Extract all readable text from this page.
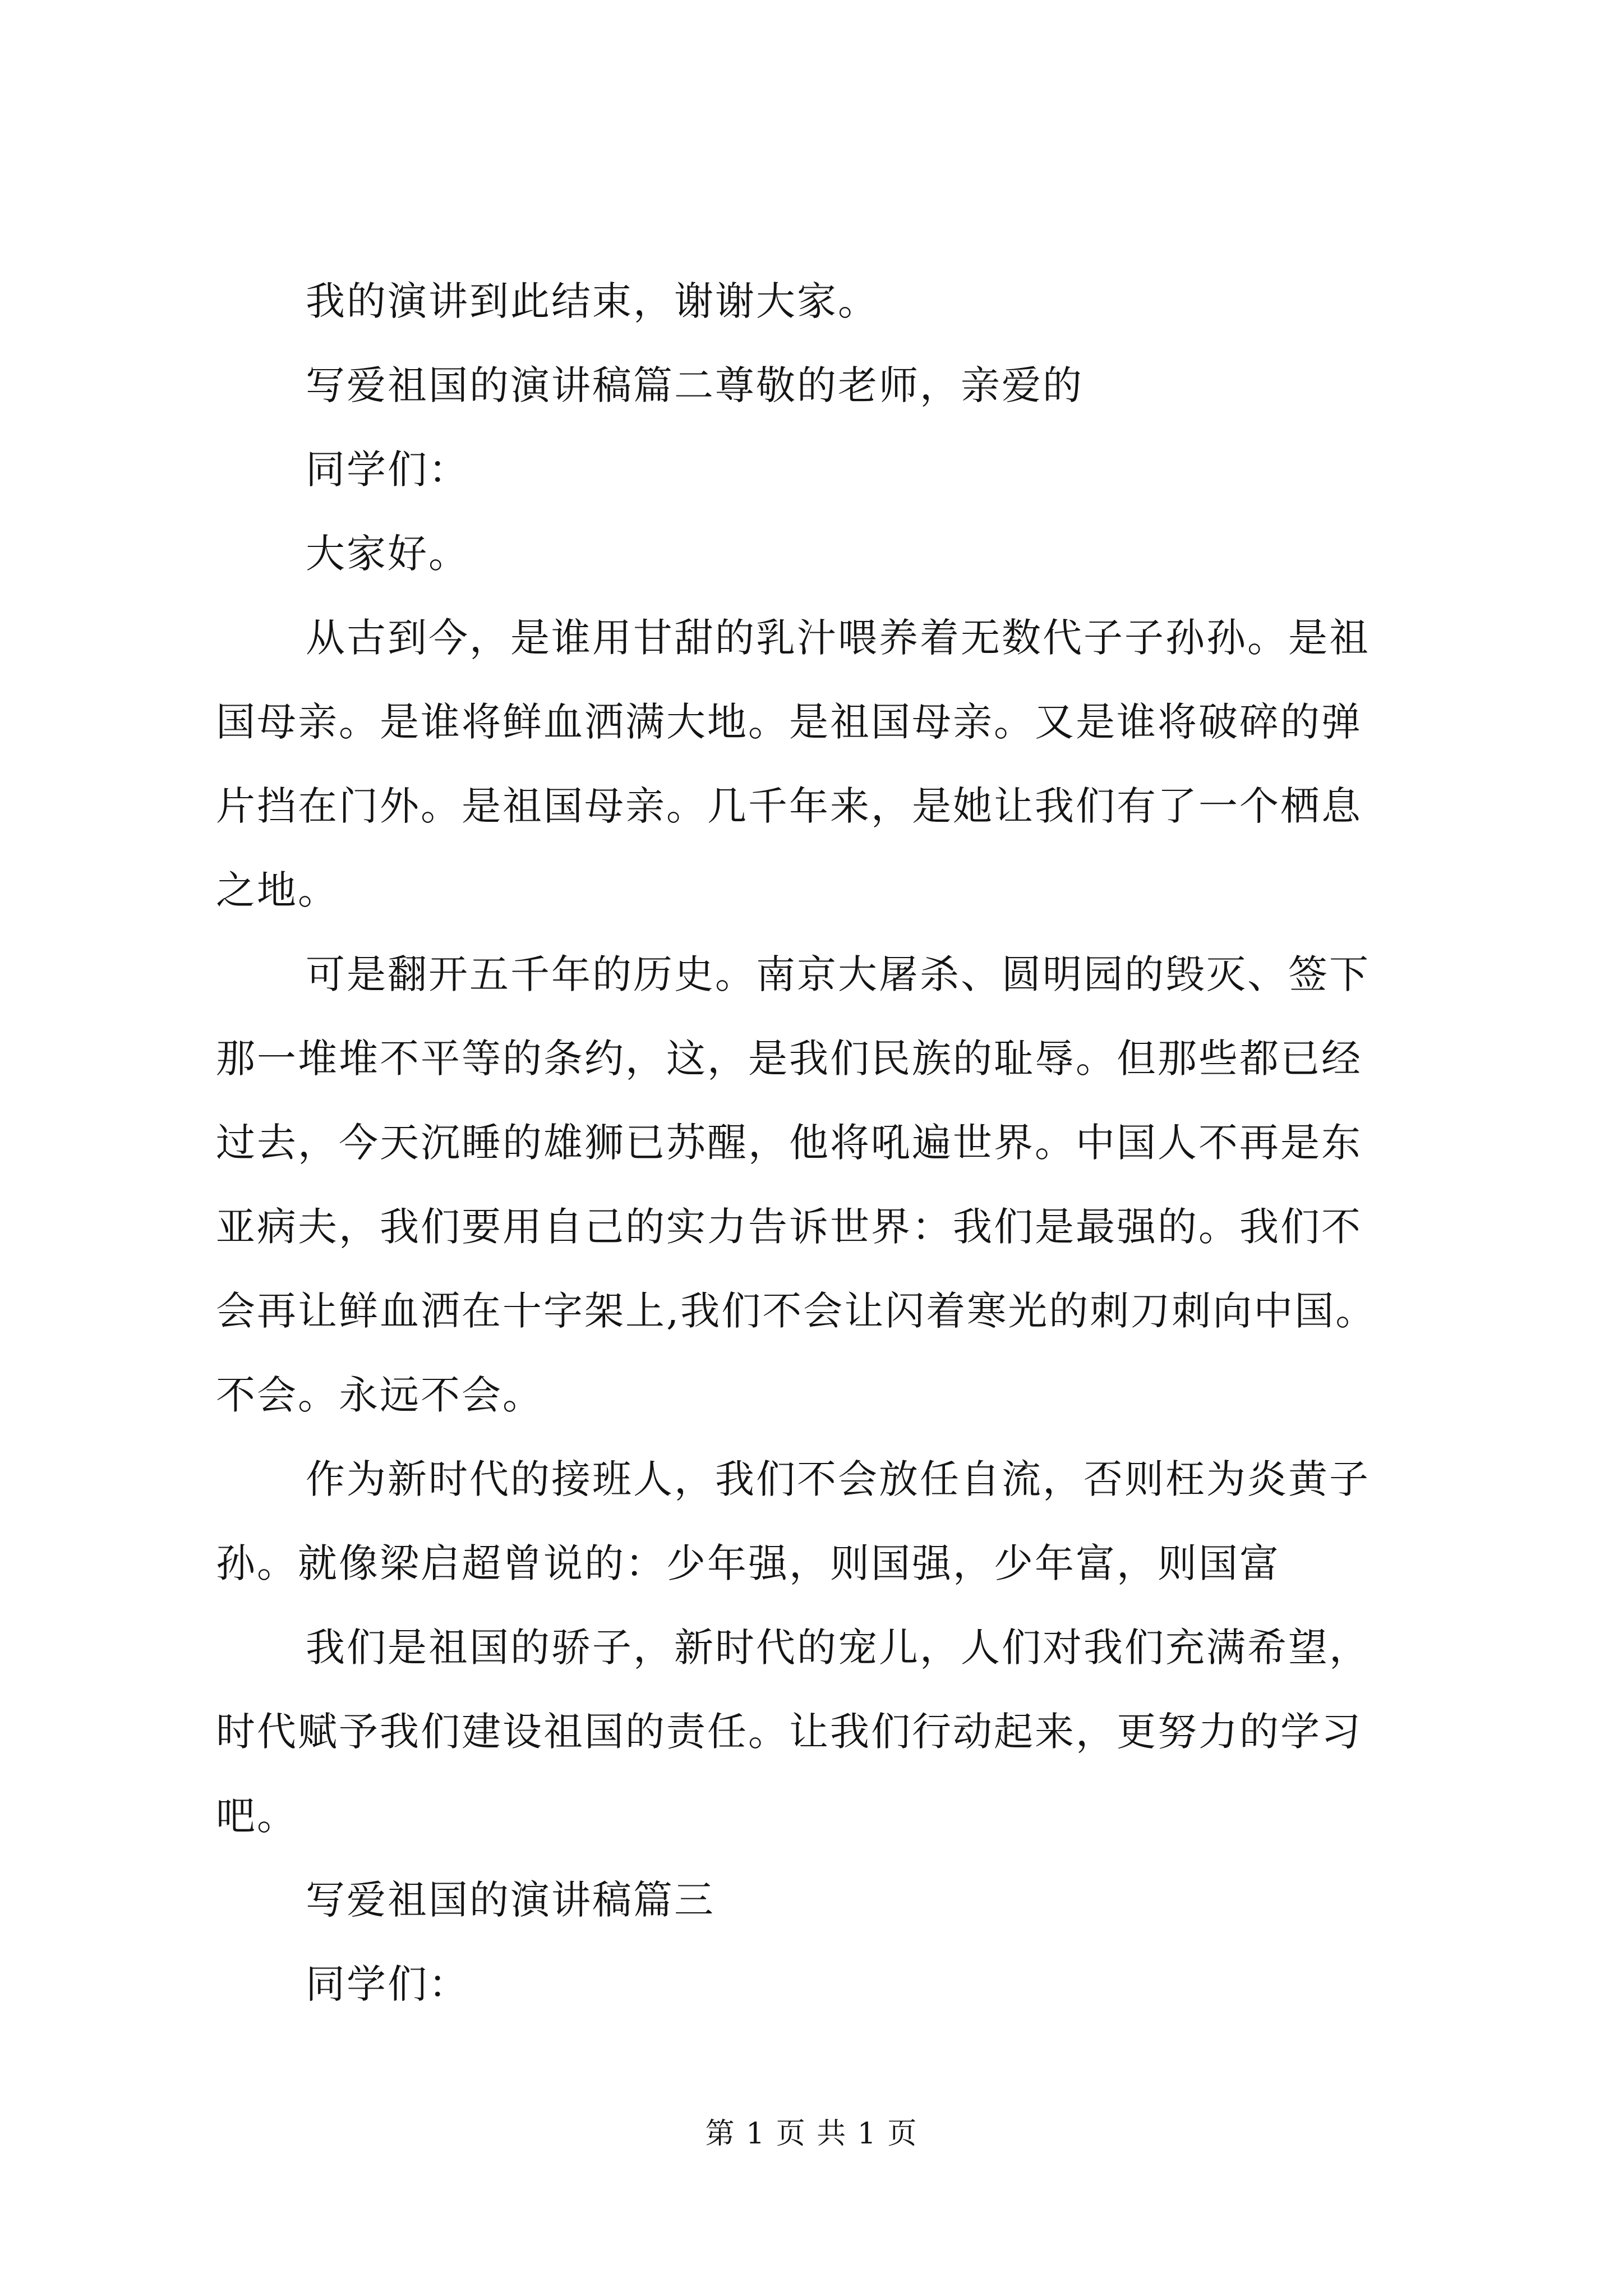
我的演讲到此结束，谢谢大家。
写爱祖国的演讲稿篇二尊敬的老师，亲爱的
同学们：
大家好。
从古到今，是谁用甘甜的乳汁喂养着无数代子子孙孙。是祖
国母亲。是谁将鲜血洒满大地。是祖国母亲。又是谁将破碎的弹
片挡在门外。是祖国母亲。几千年来，是她让我们有了一个栖息
之地。
可是翻开五千年的历史。南京大屠杀、圆明园的毁灭、签下
那一堆堆不平等的条约，这，是我们民族的耻辱。但那些都已经
过去，今天沉睡的雄狮已苏醒，他将吼遍世界。中国人不再是东
亚病夫，我们要用自己的实力告诉世界：我们是最强的。我们不
会再让鲜血洒在十字架上,我们不会让闪着寒光的刺刀刺向中国。
不会。永远不会。
作为新时代的接班人，我们不会放任自流，否则枉为炎黄子
孙。就像梁启超曾说的：少年强，则国强，少年富，则国富
我们是祖国的骄子，新时代的宠儿，人们对我们充满希望，
时代赋予我们建设祖国的责任。让我们行动起来，更努力的学习
吧。
写爱祖国的演讲稿篇三
同学们：
第 1 页 共 1 页
